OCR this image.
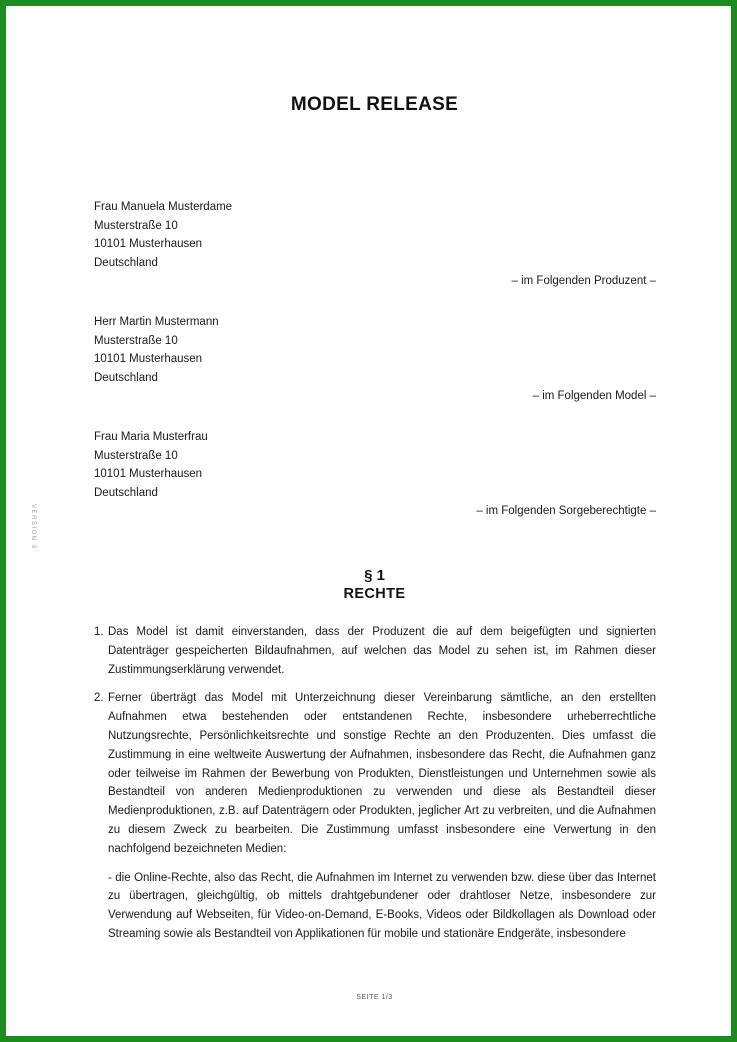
MODEL RELEASE
VERSION 3
Frau Manuela Musterdame
Musterstraße 10
10101 Musterhausen
Deutschland
– im Folgenden Produzent –
Herr Martin Mustermann
Musterstraße 10
10101 Musterhausen
Deutschland
– im Folgenden Model –
Frau Maria Musterfrau
Musterstraße 10
10101 Musterhausen
Deutschland
– im Folgenden Sorgeberechtigte –
§ 1
RECHTE
1. Das Model ist damit einverstanden, dass der Produzent die auf dem beigefügten und signierten Datenträger gespeicherten Bildaufnahmen, auf welchen das Model zu sehen ist, im Rahmen dieser Zustimmungserklärung verwendet.
2. Ferner überträgt das Model mit Unterzeichnung dieser Vereinbarung sämtliche, an den erstellten Aufnahmen etwa bestehenden oder entstandenen Rechte, insbesondere urheberrechtliche Nutzungsrechte, Persönlichkeitsrechte und sonstige Rechte an den Produzenten. Dies umfasst die Zustimmung in eine weltweite Auswertung der Aufnahmen, insbesondere das Recht, die Aufnahmen ganz oder teilweise im Rahmen der Bewerbung von Produkten, Dienstleistungen und Unternehmen sowie als Bestandteil von anderen Medienproduktionen zu verwenden und diese als Bestandteil dieser Medienproduktionen, z.B. auf Datenträgern oder Produkten, jeglicher Art zu verbreiten, und die Aufnahmen zu diesem Zweck zu bearbeiten. Die Zustimmung umfasst insbesondere eine Verwertung in den nachfolgend bezeichneten Medien:
- die Online-Rechte, also das Recht, die Aufnahmen im Internet zu verwenden bzw. diese über das Internet zu übertragen, gleichgültig, ob mittels drahtgebundener oder drahtloser Netze, insbesondere zur Verwendung auf Webseiten, für Video-on-Demand, E-Books, Videos oder Bildkollagen als Download oder Streaming sowie als Bestandteil von Applikationen für mobile und stationäre Endgeräte, insbesondere
SEITE 1/3
